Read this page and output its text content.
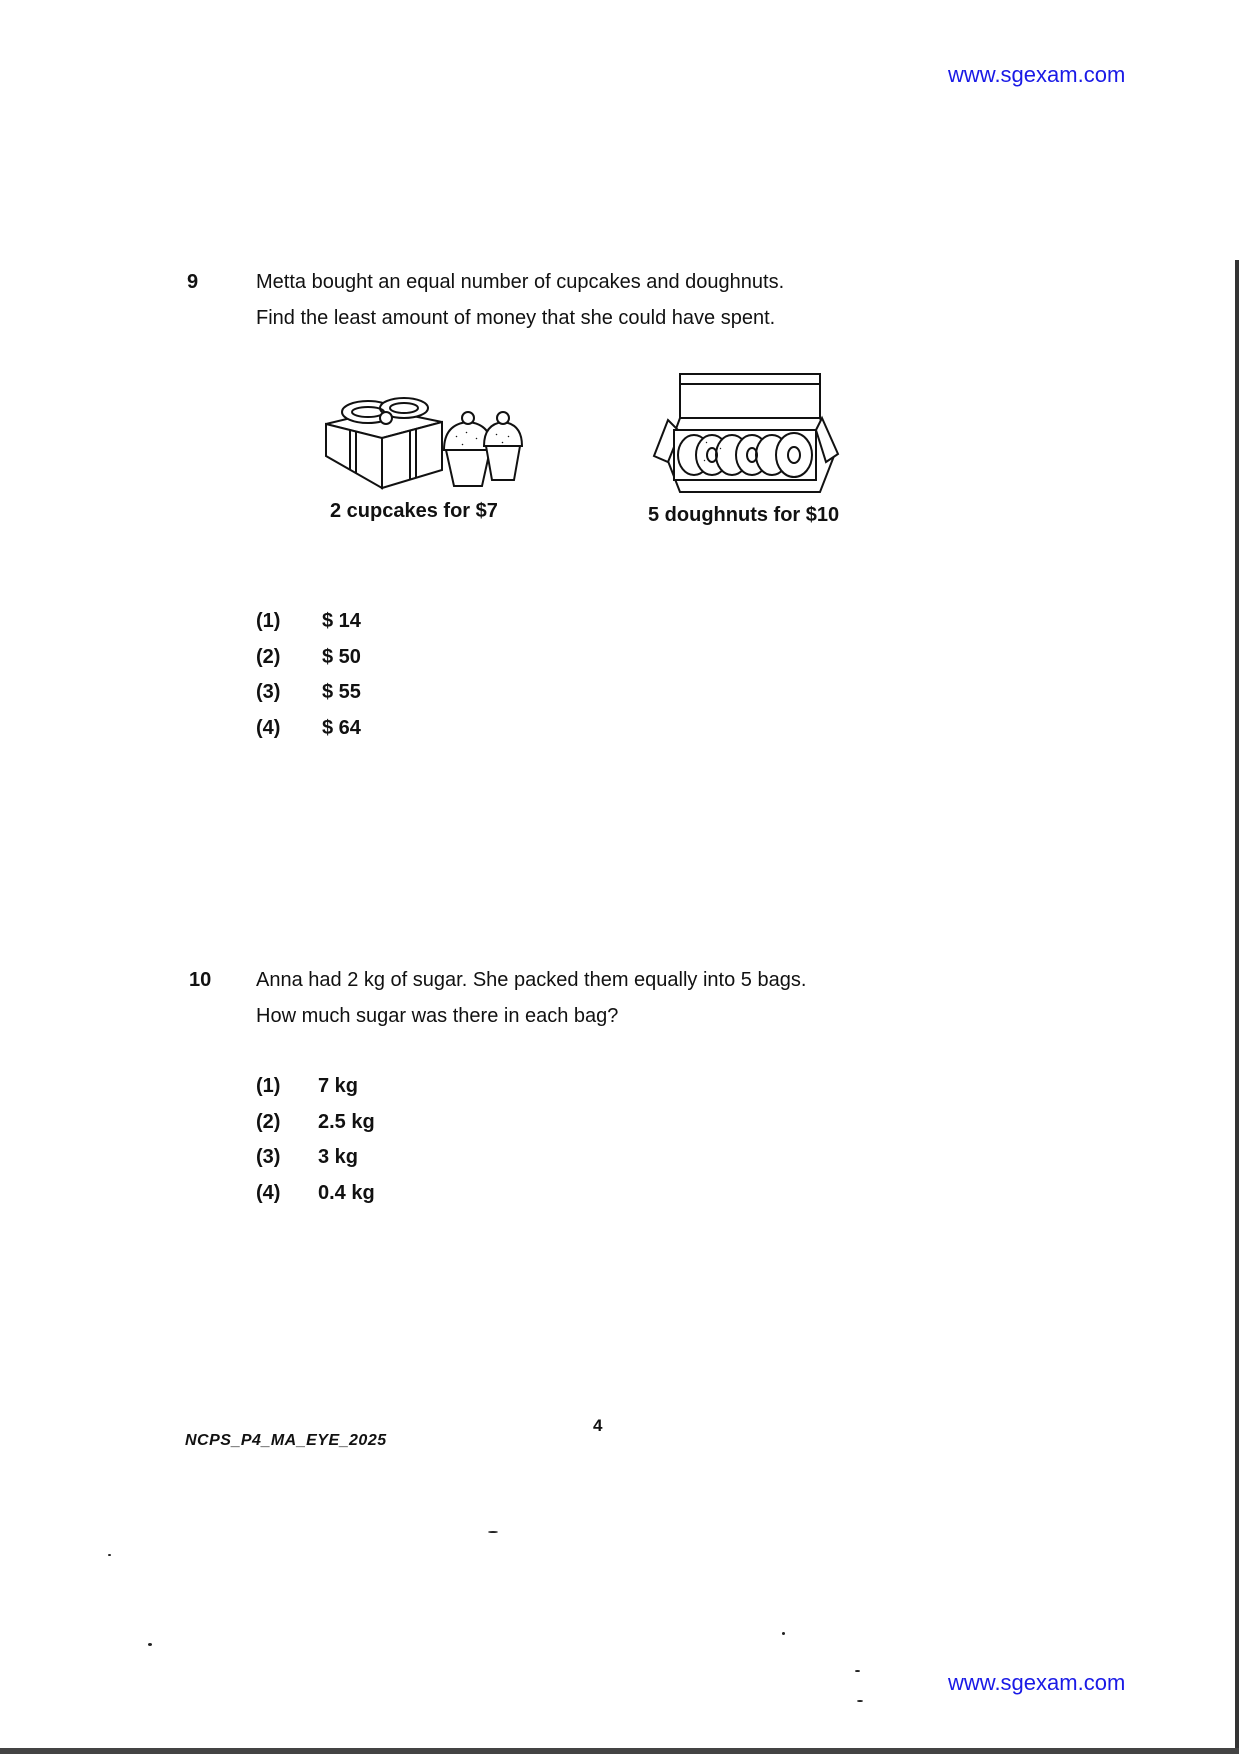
www.sgexam.com
9	Metta bought an equal number of cupcakes and doughnuts.
Find the least amount of money that she could have spent.
2 cupcakes for $7	5 doughnuts for $10
(1) $ 14
(2) $ 50
(3) $ 55
(4) $ 64
10 Anna had 2 kg of sugar. She packed them equally into 5 bags.
How much sugar was there in each bag?
(1) 7 kg
(2) 2.5 kg
(3) 3 kg
(4) 0.4 kg
4
NCPS_P4_MA_EYE_2025
www.sgexam.com
